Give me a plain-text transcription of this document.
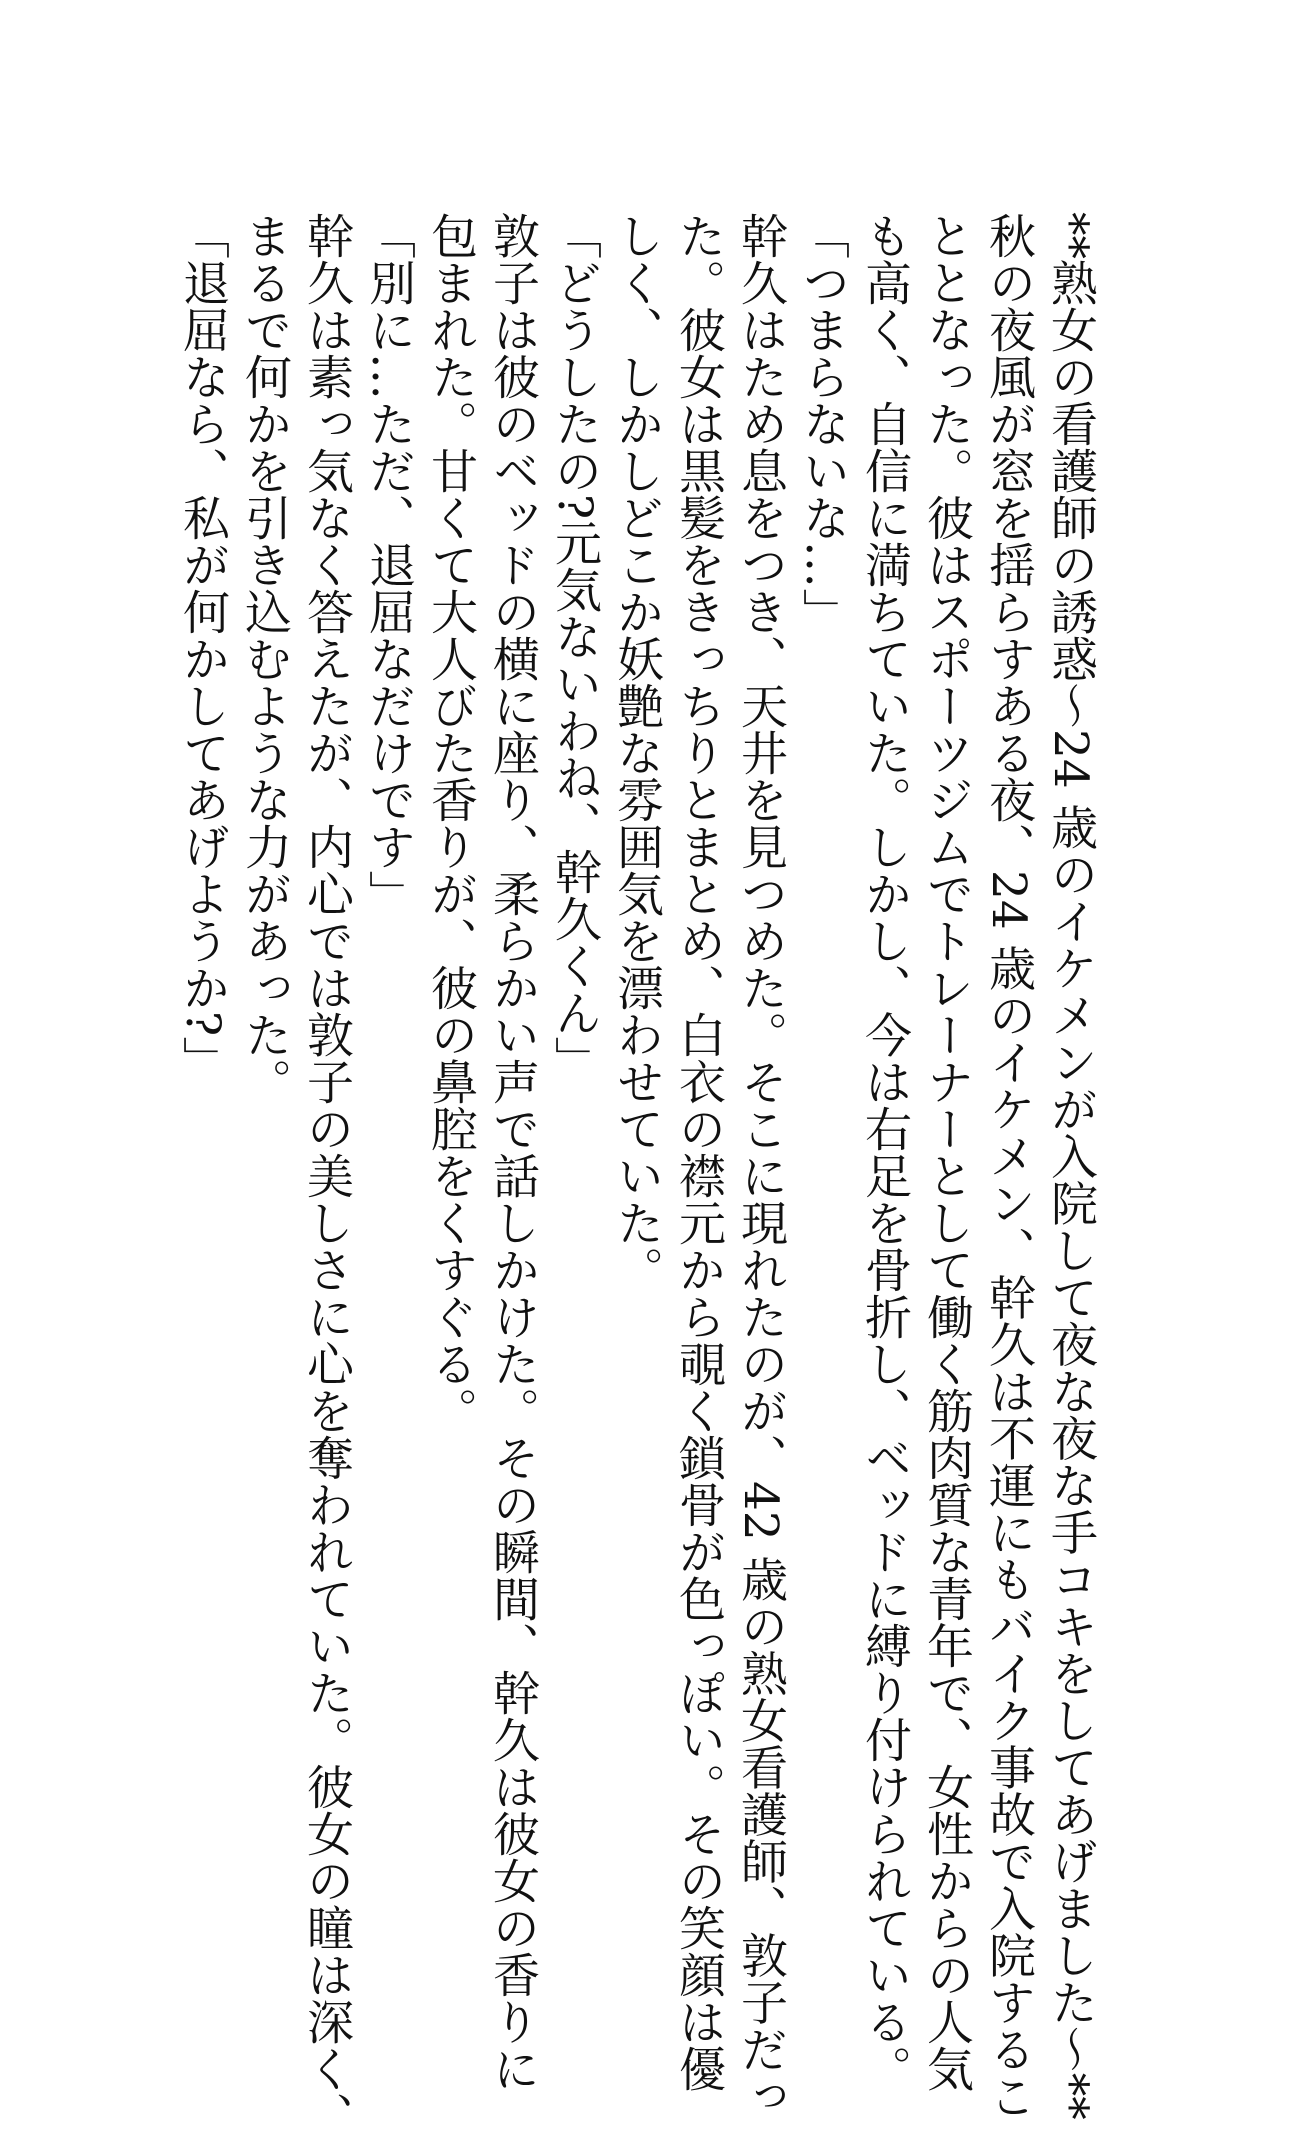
**熟女の看護師の誘惑～24 歳のイケメンが入院して夜な夜な手コキをしてあげました～**
秋の夜風が窓を揺らすある夜、24 歳のイケメン、幹久は不運にもバイク事故で入院するこ
ととなった。彼はスポーツジムでトレーナーとして働く筋肉質な青年で、女性からの人気
も高く、自信に満ちていた。しかし、今は右足を骨折し、ベッドに縛り付けられている。
「つまらないな…」
幹久はため息をつき、天井を見つめた。そこに現れたのが、42 歳の熟女看護師、敦子だっ
た。彼女は黒髪をきっちりとまとめ、白衣の襟元から覗く鎖骨が色っぽい。その笑顔は優
しく、しかしどこか妖艶な雰囲気を漂わせていた。
「どうしたの?元気ないわね、幹久くん」
敦子は彼のベッドの横に座り、柔らかい声で話しかけた。その瞬間、幹久は彼女の香りに
包まれた。甘くて大人びた香りが、彼の鼻腔をくすぐる。
「別に…ただ、退屈なだけです」
幹久は素っ気なく答えたが、内心では敦子の美しさに心を奪われていた。彼女の瞳は深く、
まるで何かを引き込むような力があった。
「退屈なら、私が何かしてあげようか?」
